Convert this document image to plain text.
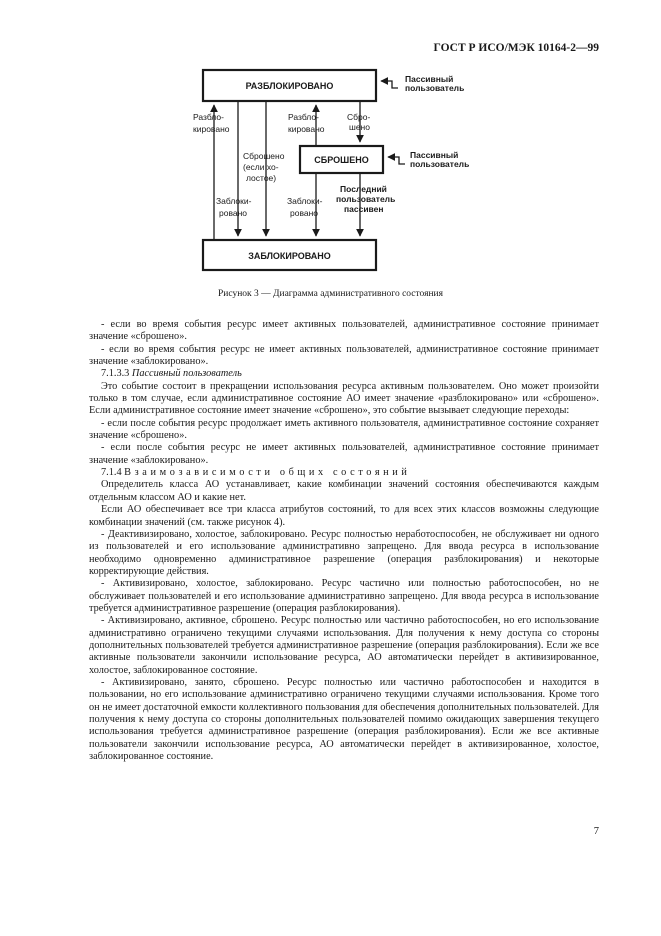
ГОСТ Р ИСО/МЭК 10164-2—99
РАЗБЛОКИРОВАНО
СБРОШЕНО
ЗАБЛОКИРОВАНО
Пассивный пользователь
Пассивный пользователь
Разбло- кировано
Сброшено (если хо- лостое)
Разбло- кировано
Сбро- шено
Заблоки- ровано
Заблоки- ровано
Последний пользователь пассивен
Рисунок 3 — Диаграмма административного состояния

- если во время события ресурс имеет активных пользователей, административное состояние принимает значение «сброшено».

- если во время события ресурс не имеет активных пользователей, административное состояние принимает значение «заблокировано».

7.1.3.3 Пассивный пользователь

Это событие состоит в прекращении использования ресурса активным пользователем. Оно может произойти только в том случае, если административное состояние АО имеет значение «разблокировано» или «сброшено». Если административное состояние имеет значение «сброшено», это событие вызывает следующие переходы:

- если после события ресурс продолжает иметь активного пользователя, административное состояние сохраняет значение «сброшено».

- если после события ресурс не имеет активных пользователей, административное состояние принимает значение «заблокировано».

7.1.4 Взаимозависимости общих состояний

Определитель класса АО устанавливает, какие комбинации значений состояния обеспечиваются каждым отдельным классом АО и какие нет.

Если АО обеспечивает все три класса атрибутов состояний, то для всех этих классов возможны следующие комбинации значений (см. также рисунок 4).

- Деактивизировано, холостое, заблокировано. Ресурс полностью неработоспособен, не обслуживает ни одного из пользователей и его использование административно запрещено. Для ввода ресурса в использование необходимо одновременно административное разрешение (операция разблокирования) и некоторые корректирующие действия.

- Активизировано, холостое, заблокировано. Ресурс частично или полностью работоспособен, но не обслуживает пользователей и его использование административно запрещено. Для ввода ресурса в использование требуется административное разрешение (операция разблокирования).

- Активизировано, активное, сброшено. Ресурс полностью или частично работоспособен, но его использование административно ограничено текущими случаями использования. Для получения к нему доступа со стороны дополнительных пользователей требуется административное разрешение (операция разблокирования). Если же все активные пользователи закончили использование ресурса, АО автоматически перейдет в активизированное, холостое, заблокированное состояние.

- Активизировано, занято, сброшено. Ресурс полностью или частично работоспособен и находится в пользовании, но его использование административно ограничено текущими случаями использования. Кроме того он не имеет достаточной емкости коллективного пользования для обеспечения дополнительных пользователей. Для получения к нему доступа со стороны дополнительных пользователей помимо ожидающих завершения текущего использования требуется административное разрешение (операция разблокирования). Если же все активные пользователи закончили использование ресурса, АО автоматически перейдет в активизированное, холостое, заблокированное состояние.

7
